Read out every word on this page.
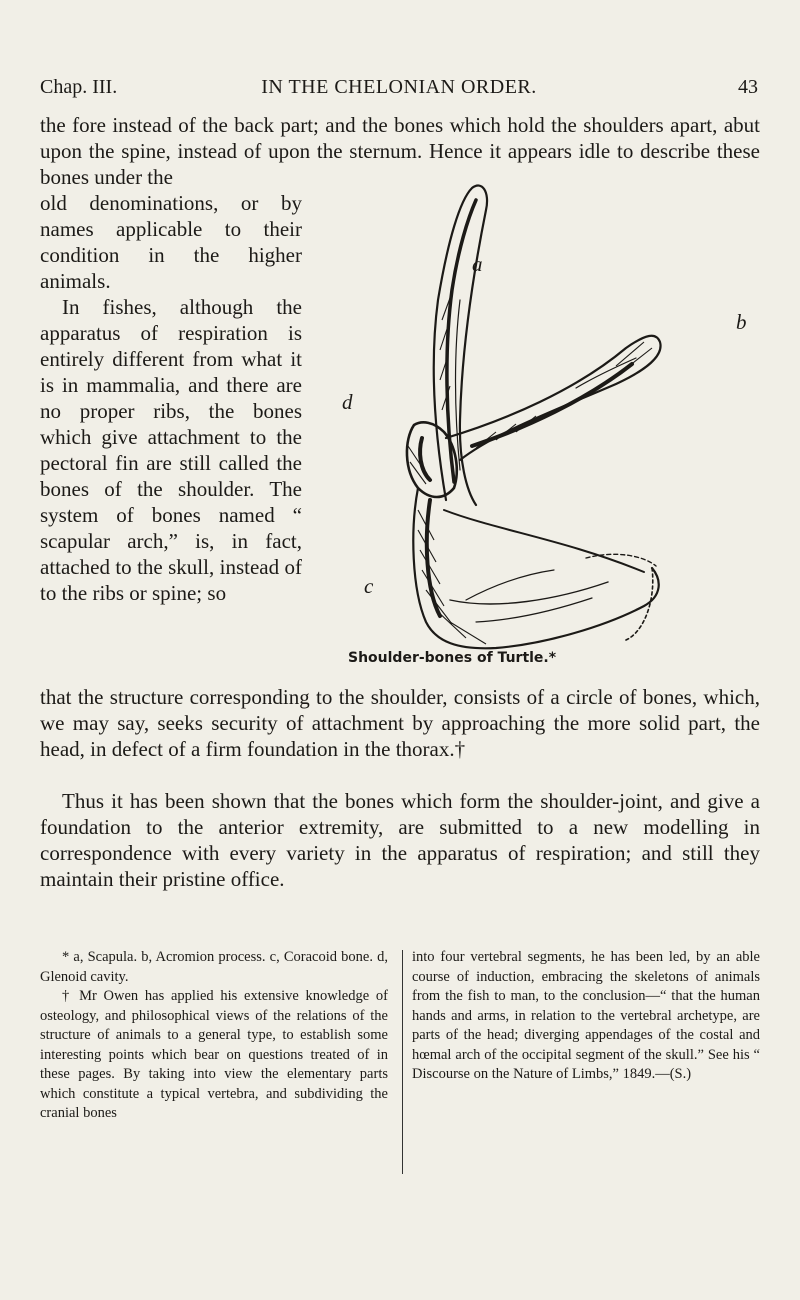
Chap. III.	IN THE CHELONIAN ORDER.	43
the fore instead of the back part; and the bones which hold the shoulders apart, abut upon the spine, instead of upon the sternum. Hence it appears idle to describe these bones under the
old denominations, or by names applicable to their condition in the higher animals.
In fishes, although the apparatus of respiration is entirely different from what it is in mammalia, and there are no proper ribs, the bones which give attachment to the pectoral fin are still called the bones of the shoulder. The system of bones named “ scapular arch,” is, in fact, attached to the skull, instead of to the ribs or spine; so
a
b
d
c
Shoulder-bones of Turtle.*
that the structure corresponding to the shoulder, consists of a circle of bones, which, we may say, seeks security of attachment by approaching the more solid part, the head, in defect of a firm foundation in the thorax.†
Thus it has been shown that the bones which form the shoulder-joint, and give a foundation to the anterior extremity, are submitted to a new modelling in correspondence with every variety in the apparatus of respiration; and still they maintain their pristine office.
* a, Scapula. b, Acromion process. c, Coracoid bone. d, Glenoid cavity.
† Mr Owen has applied his extensive knowledge of osteology, and philosophical views of the relations of the structure of animals to a general type, to establish some interesting points which bear on questions treated of in these pages. By taking into view the elementary parts which constitute a typical vertebra, and subdividing the cranial bones
into four vertebral segments, he has been led, by an able course of induction, embracing the skeletons of animals from the fish to man, to the conclusion—“ that the human hands and arms, in relation to the vertebral archetype, are parts of the head; diverging appendages of the costal and hœmal arch of the occipital segment of the skull.” See his “ Discourse on the Nature of Limbs,” 1849.—(S.)
